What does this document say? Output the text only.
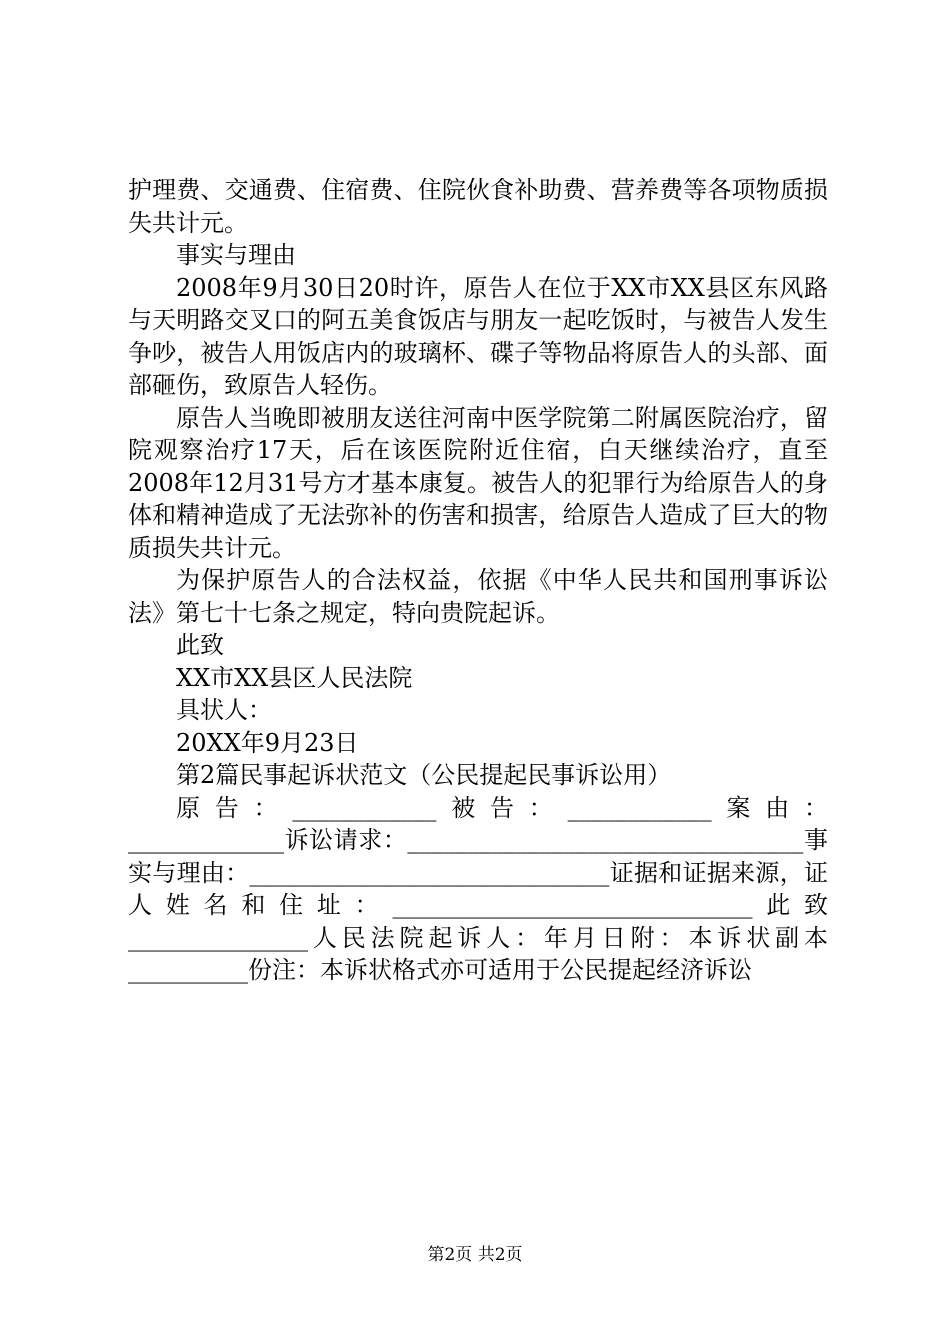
护理费、交通费、住宿费、住院伙食补助费、营养费等各项物质损失共计元。

事实与理由

2008年9月30日20时许，原告人在位于XX市XX县区东风路与天明路交叉口的阿五美食饭店与朋友一起吃饭时，与被告人发生争吵，被告人用饭店内的玻璃杯、碟子等物品将原告人的头部、面部砸伤，致原告人轻伤。

原告人当晚即被朋友送往河南中医学院第二附属医院治疗，留院观察治疗17天，后在该医院附近住宿，白天继续治疗，直至2008年12月31号方才基本康复。被告人的犯罪行为给原告人的身体和精神造成了无法弥补的伤害和损害，给原告人造成了巨大的物质损失共计元。

为保护原告人的合法权益，依据《中华人民共和国刑事诉讼法》第七十七条之规定，特向贵院起诉。

此致

XX市XX县区人民法院

具状人：

20XX年9月23日

第2篇民事起诉状范文（公民提起民事诉讼用）

原告：____________被告：____________案由：_____________诉讼请求：_________________________________事实与理由：______________________________证据和证据来源，证人姓名和住址：______________________________此致_______________人民法院起诉人：年月日附：本诉状副本__________份注：本诉状格式亦可适用于公民提起经济诉讼

第2页 共2页
